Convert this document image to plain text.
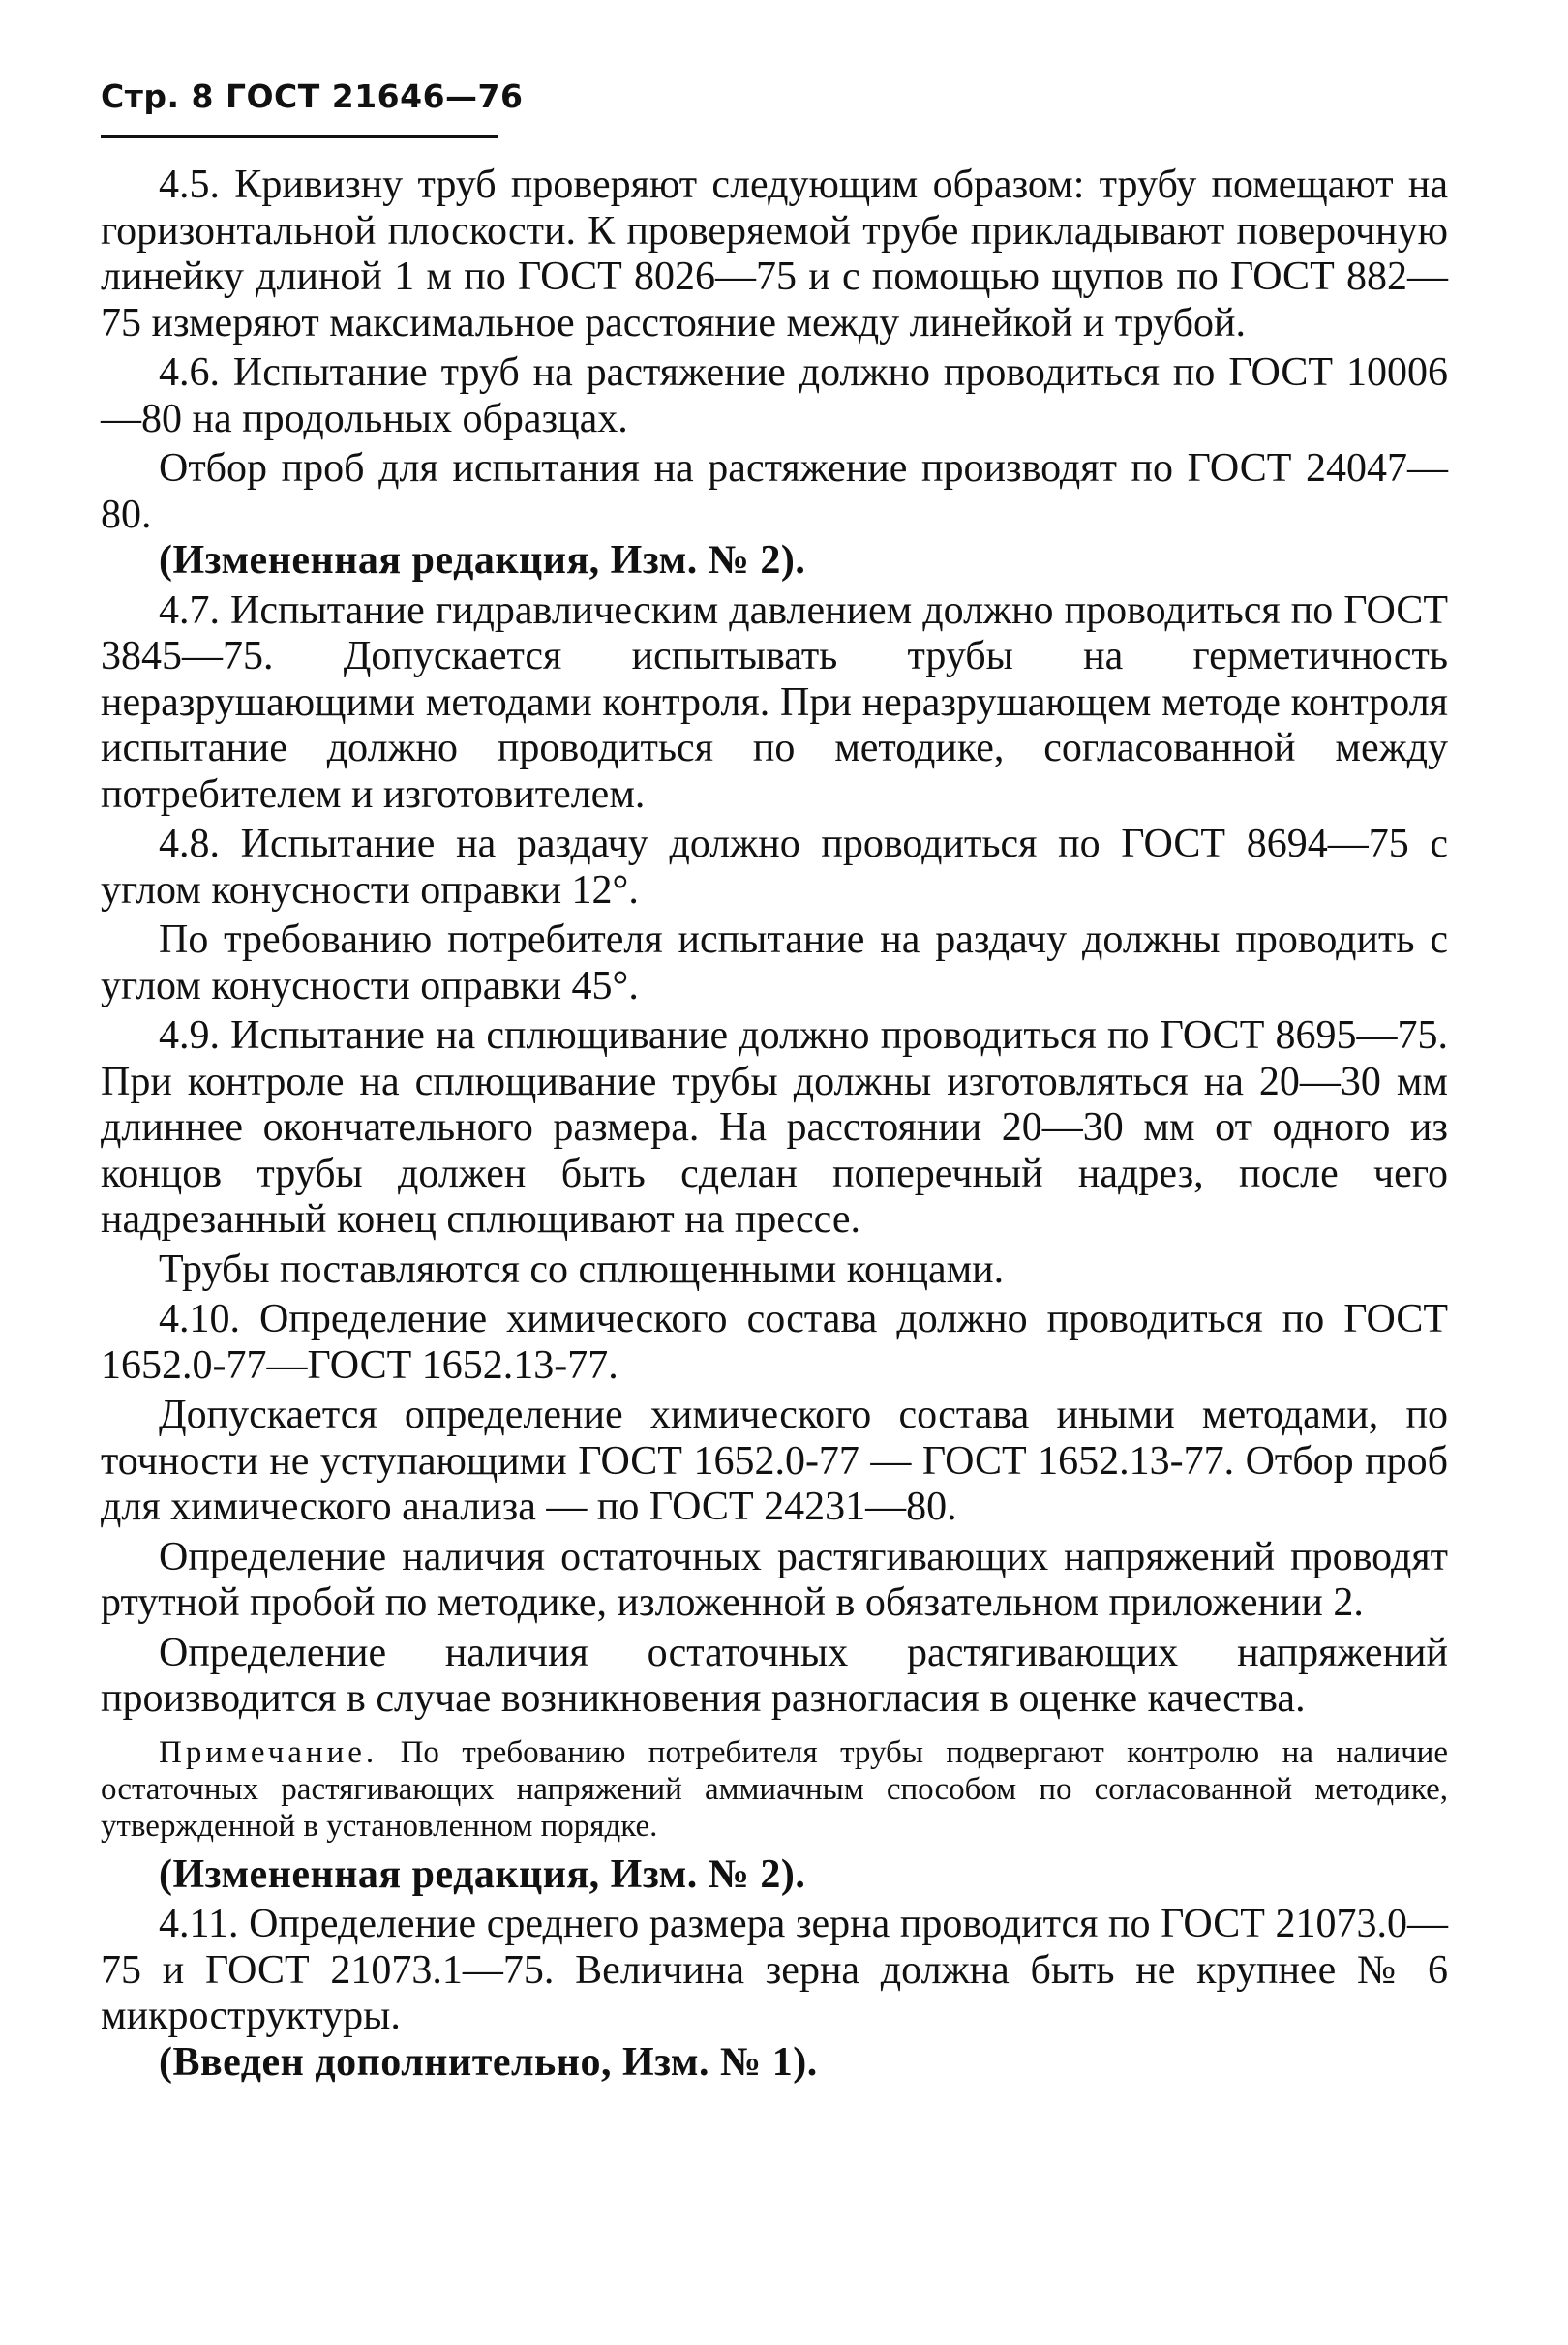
Стр. 8 ГОСТ 21646—76

4.5. Кривизну труб проверяют следующим образом: трубу помещают на горизонтальной плоскости. К проверяемой трубе прикладывают поверочную линейку длиной 1 м по ГОСТ 8026—75 и с помощью щупов по ГОСТ 882—75 измеряют максимальное расстояние между линейкой и трубой.

4.6. Испытание труб на растяжение должно проводиться по ГОСТ 10006—80 на продольных образцах.

Отбор проб для испытания на растяжение производят по ГОСТ 24047—80.

(Измененная редакция, Изм. № 2).

4.7. Испытание гидравлическим давлением должно проводиться по ГОСТ 3845—75. Допускается испытывать трубы на герметичность неразрушающими методами контроля. При неразрушающем методе контроля испытание должно проводиться по методике, согласованной между потребителем и изготовителем.

4.8. Испытание на раздачу должно проводиться по ГОСТ 8694—75 с углом конусности оправки 12°.

По требованию потребителя испытание на раздачу должны проводить с углом конусности оправки 45°.

4.9. Испытание на сплющивание должно проводиться по ГОСТ 8695—75. При контроле на сплющивание трубы должны изготовляться на 20—30 мм длиннее окончательного размера. На расстоянии 20—30 мм от одного из концов трубы должен быть сделан поперечный надрез, после чего надрезанный конец сплющивают на прессе.

Трубы поставляются со сплющенными концами.

4.10. Определение химического состава должно проводиться по ГОСТ 1652.0-77—ГОСТ 1652.13-77.

Допускается определение химического состава иными методами, по точности не уступающими ГОСТ 1652.0-77 — ГОСТ 1652.13-77. Отбор проб для химического анализа — по ГОСТ 24231—80.

Определение наличия остаточных растягивающих напряжений проводят ртутной пробой по методике, изложенной в обязательном приложении 2.

Определение наличия остаточных растягивающих напряжений производится в случае возникновения разногласия в оценке качества.

Примечание. По требованию потребителя трубы подвергают контролю на наличие остаточных растягивающих напряжений аммиачным способом по согласованной методике, утвержденной в установленном порядке.

(Измененная редакция, Изм. № 2).

4.11. Определение среднего размера зерна проводится по ГОСТ 21073.0—75 и ГОСТ 21073.1—75. Величина зерна должна быть не крупнее № 6 микроструктуры.

(Введен дополнительно, Изм. № 1).
